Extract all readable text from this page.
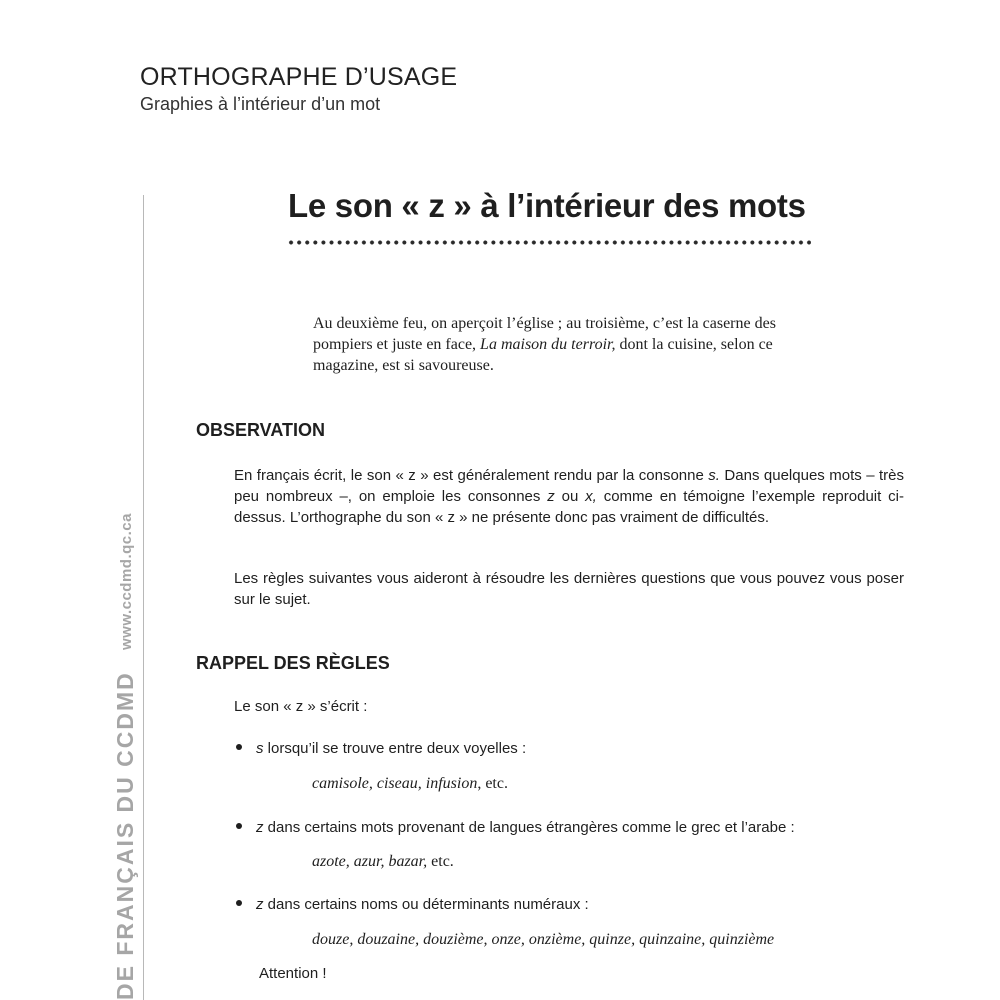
ORTHOGRAPHE D’USAGE
Graphies à l’intérieur d’un mot
DE FRANÇAIS DU CCDMD
www.ccdmd.qc.ca
Le son « z » à l’intérieur des mots
Au deuxième feu, on aperçoit l’église ; au troisième, c’est la caserne des pompiers et juste en face, La maison du terroir, dont la cuisine, selon ce magazine, est si savoureuse.
OBSERVATION
En français écrit, le son « z » est généralement rendu par la consonne s. Dans quelques mots – très peu nombreux –, on emploie les consonnes z ou x, comme en témoigne l’exemple reproduit ci-dessus. L’orthographe du son « z » ne présente donc pas vraiment de difficultés.
Les règles suivantes vous aideront à résoudre les dernières questions que vous pouvez vous poser sur le sujet.
RAPPEL DES RÈGLES
Le son « z » s’écrit :
s lorsqu’il se trouve entre deux voyelles :
camisole, ciseau, infusion, etc.
z dans certains mots provenant de langues étrangères comme le grec et l’arabe :
azote, azur, bazar, etc.
z dans certains noms ou déterminants numéraux :
douze, douzaine, douzième, onze, onzième, quinze, quinzaine, quinzième
Attention !
